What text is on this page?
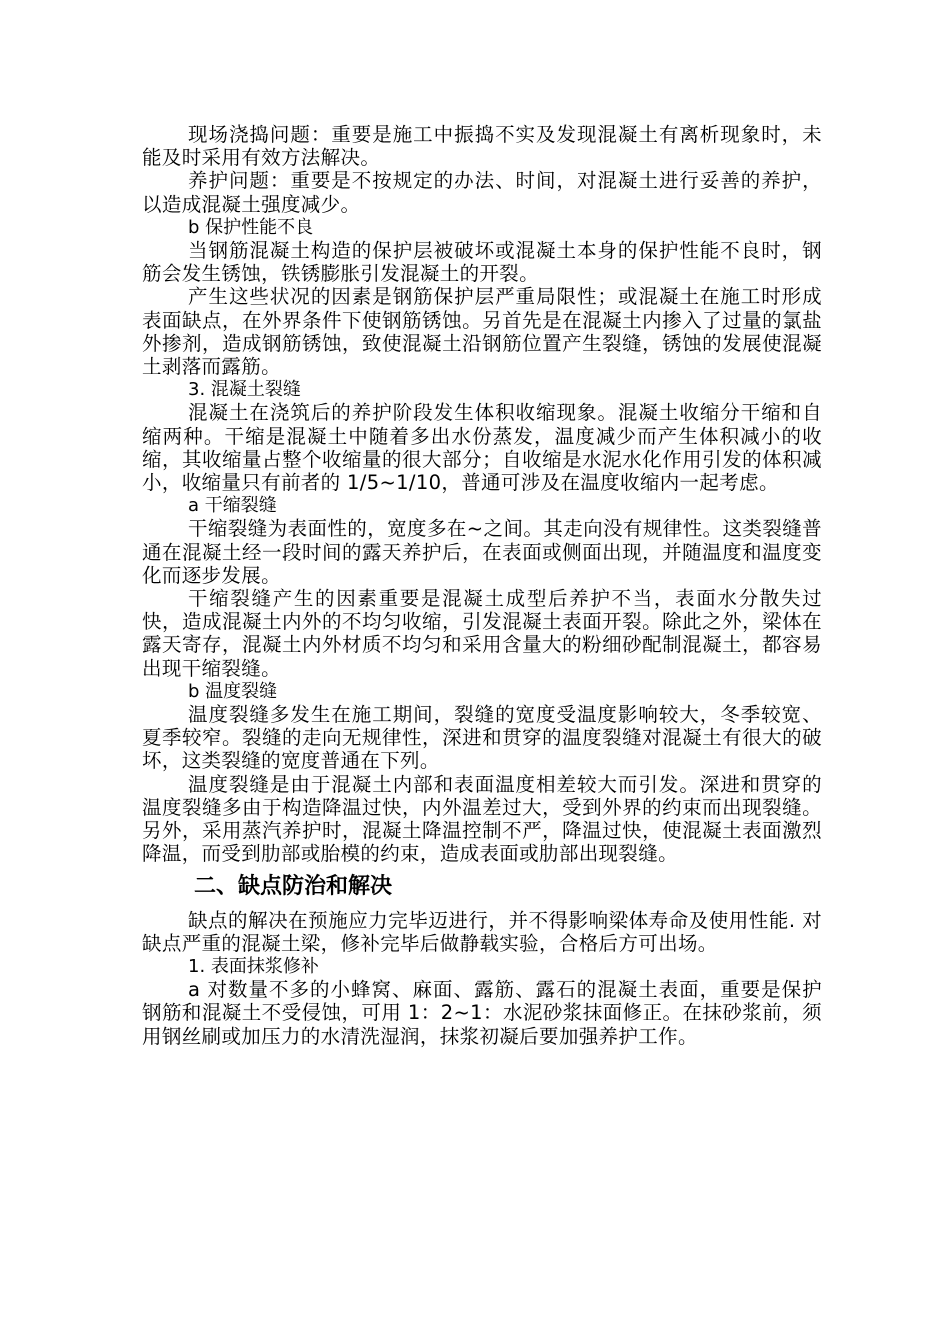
现场浇捣问题：重要是施工中振捣不实及发现混凝土有离析现象时，未能及时采用有效方法解决。

养护问题：重要是不按规定的办法、时间，对混凝土进行妥善的养护，以造成混凝土强度减少。

b 保护性能不良

当钢筋混凝土构造的保护层被破坏或混凝土本身的保护性能不良时，钢筋会发生锈蚀，铁锈膨胀引发混凝土的开裂。

产生这些状况的因素是钢筋保护层严重局限性；或混凝土在施工时形成表面缺点，在外界条件下使钢筋锈蚀。另首先是在混凝土内掺入了过量的氯盐外掺剂，造成钢筋锈蚀，致使混凝土沿钢筋位置产生裂缝，锈蚀的发展使混凝土剥落而露筋。

3. 混凝土裂缝

混凝土在浇筑后的养护阶段发生体积收缩现象。混凝土收缩分干缩和自缩两种。干缩是混凝土中随着多出水份蒸发，温度减少而产生体积减小的收缩，其收缩量占整个收缩量的很大部分；自收缩是水泥水化作用引发的体积减小，收缩量只有前者的 1/5~1/10，普通可涉及在温度收缩内一起考虑。

a 干缩裂缝

干缩裂缝为表面性的，宽度多在~之间。其走向没有规律性。这类裂缝普通在混凝土经一段时间的露天养护后，在表面或侧面出现，并随温度和温度变化而逐步发展。

干缩裂缝产生的因素重要是混凝土成型后养护不当，表面水分散失过快，造成混凝土内外的不均匀收缩，引发混凝土表面开裂。除此之外，梁体在露天寄存，混凝土内外材质不均匀和采用含量大的粉细砂配制混凝土，都容易出现干缩裂缝。

b 温度裂缝

温度裂缝多发生在施工期间，裂缝的宽度受温度影响较大，冬季较宽、夏季较窄。裂缝的走向无规律性，深进和贯穿的温度裂缝对混凝土有很大的破坏，这类裂缝的宽度普通在下列。

温度裂缝是由于混凝土内部和表面温度相差较大而引发。深进和贯穿的温度裂缝多由于构造降温过快，内外温差过大，受到外界的约束而出现裂缝。另外，采用蒸汽养护时，混凝土降温控制不严，降温过快，使混凝土表面激烈降温，而受到肋部或胎模的约束，造成表面或肋部出现裂缝。

二、缺点防治和解决

缺点的解决在预施应力完毕迈进行，并不得影响梁体寿命及使用性能. 对缺点严重的混凝土梁，修补完毕后做静载实验，合格后方可出场。

1. 表面抹浆修补

a 对数量不多的小蜂窝、麻面、露筋、露石的混凝土表面，重要是保护钢筋和混凝土不受侵蚀，可用 1：2~1：水泥砂浆抹面修正。在抹砂浆前，须用钢丝刷或加压力的水清洗湿润，抹浆初凝后要加强养护工作。
